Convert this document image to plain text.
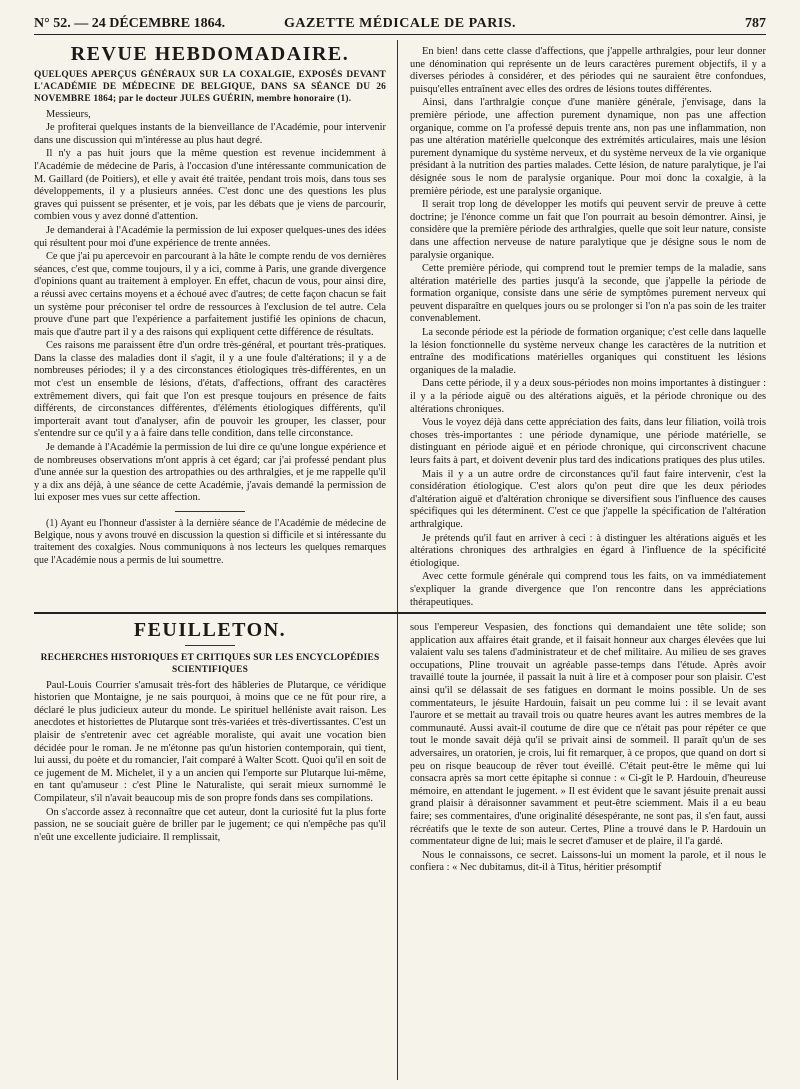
N° 52. — 24 DÉCEMBRE 1864.	GAZETTE MÉDICALE DE PARIS.	787
REVUE HEBDOMADAIRE.
QUELQUES APERÇUS GÉNÉRAUX SUR LA COXALGIE, EXPOSÉS DEVANT L'ACADÉMIE DE MÉDECINE DE BELGIQUE, DANS SA SÉANCE DU 26 NOVEMBRE 1864; par le docteur JULES GUÉRIN, membre honoraire (1).

Messieurs,

Je profiterai quelques instants de la bienveillance de l'Académie, pour intervenir dans une discussion qui m'intéresse au plus haut degré.

Il n'y a pas huit jours que la même question est revenue incidemment à l'Académie de médecine de Paris, à l'occasion d'une intéressante communication de M. Gaillard (de Poitiers), et elle y avait été traitée, pendant trois mois, dans tous ses développements, il y a plusieurs années. C'est donc une des questions les plus graves qui puissent se présenter, et je vois, par les débats que je viens de parcourir, combien vous y avez donné d'attention.

Je demanderai à l'Académie la permission de lui exposer quelques-unes des idées qui résultent pour moi d'une expérience de trente années.

Ce que j'ai pu apercevoir en parcourant à la hâte le compte rendu de vos dernières séances, c'est que, comme toujours, il y a ici, comme à Paris, une grande divergence d'opinions quant au traitement à employer. En effet, chacun de vous, pour ainsi dire, a réussi avec certains moyens et a échoué avec d'autres; de cette façon chacun se fait un système pour préconiser tel ordre de ressources à l'exclusion de tel autre. Cela prouve d'une part que l'expérience a parfaitement justifié les opinions de chacun, mais que d'autre part il y a des raisons qui expliquent cette différence de résultats.

Ces raisons me paraissent être d'un ordre très-général, et pourtant très-pratiques. Dans la classe des maladies dont il s'agit, il y a une foule d'altérations; il y a de nombreuses périodes; il y a des circonstances étiologiques très-différentes, en un mot c'est un ensemble de lésions, d'états, d'affections, offrant des caractères extrêmement divers, qui fait que l'on est presque toujours en présence de faits différents, de circonstances différentes, d'éléments étiologiques différents, qu'il importerait avant tout d'analyser, afin de pouvoir les grouper, les classer, pour s'entendre sur ce qu'il y a à faire dans telle condition, dans telle circonstance.

Je demande à l'Académie la permission de lui dire ce qu'une longue expérience et de nombreuses observations m'ont appris à cet égard; car j'ai professé pendant plus d'une année sur la question des artropathies ou des arthralgies, et je me rappelle qu'il y a dix ans déjà, à une séance de cette Académie, j'avais demandé la permission de lui exposer mes vues sur cette affection.

(1) Ayant eu l'honneur d'assister à la dernière séance de l'Académie de médecine de Belgique, nous y avons trouvé en discussion la question si difficile et si intéressante du traitement des coxalgies. Nous communiquons à nos lecteurs les quelques remarques que l'Académie nous a permis de lui soumettre.

En bien! dans cette classe d'affections, que j'appelle arthralgies, pour leur donner une dénomination qui représente un de leurs caractères purement objectifs, il y a diverses périodes à considérer, et des périodes qui ne sauraient être confondues, puisqu'elles entraînent avec elles des ordres de lésions toutes différentes.

Ainsi, dans l'arthralgie conçue d'une manière générale, j'envisage, dans la première période, une affection purement dynamique, non pas une affection organique, comme on l'a professé depuis trente ans, non pas une inflammation, non pas une altération matérielle quelconque des extrémités articulaires, mais une lésion purement dynamique du système nerveux, et du système nerveux de la vie organique présidant à la nutrition des parties malades. Cette lésion, de nature paralytique, je l'ai désignée sous le nom de paralysie organique. Pour moi donc la coxalgie, à la première période, est une paralysie organique.

Il serait trop long de développer les motifs qui peuvent servir de preuve à cette doctrine; je l'énonce comme un fait que l'on pourrait au besoin démontrer. Ainsi, je considère que la première période des arthralgies, quelle que soit leur nature, consiste dans une affection nerveuse de nature paralytique que je désigne sous le nom de paralysie organique.

Cette première période, qui comprend tout le premier temps de la maladie, sans altération matérielle des parties jusqu'à la seconde, que j'appelle la période de formation organique, consiste dans une série de symptômes purement nerveux qui peuvent disparaître en quelques jours ou se prolonger si l'on n'a pas soin de les traiter convenablement.

La seconde période est la période de formation organique; c'est celle dans laquelle la lésion fonctionnelle du système nerveux change les caractères de la nutrition et entraîne des modifications matérielles organiques qui constituent les lésions organiques de la maladie.

Dans cette période, il y a deux sous-périodes non moins importantes à distinguer : il y a la période aiguë ou des altérations aiguës, et la période chronique ou des altérations chroniques.

Vous le voyez déjà dans cette appréciation des faits, dans leur filiation, voilà trois choses très-importantes : une période dynamique, une période matérielle, se distinguant en période aiguë et en période chronique, qui circonscrivent chacune leurs faits à part, et doivent devenir plus tard des indications pratiques des plus utiles.

Mais il y a un autre ordre de circonstances qu'il faut faire intervenir, c'est la considération étiologique. C'est alors qu'on peut dire que les deux périodes d'altération aiguë et d'altération chronique se diversifient sous l'influence des causes spécifiques qui les déterminent. C'est ce que j'appelle la spécification de l'altération arthralgique.

Je prétends qu'il faut en arriver à ceci : à distinguer les altérations aiguës et les altérations chroniques des arthralgies en égard à l'influence de la spécificité étiologique.

Avec cette formule générale qui comprend tous les faits, on va immédiatement s'expliquer la grande divergence que l'on rencontre dans les appréciations thérapeutiques.

FEUILLETON.
RECHERCHES HISTORIQUES ET CRITIQUES SUR LES ENCYCLOPÉDIES SCIENTIFIQUES

Paul-Louis Courrier s'amusait très-fort des hâbleries de Plutarque, ce véridique historien que Montaigne, je ne sais pourquoi, à moins que ce ne fût pour rire, a déclaré le plus judicieux auteur du monde. Le spirituel helléniste avait raison. Les anecdotes et historiettes de Plutarque sont très-variées et très-divertissantes. C'est un plaisir de s'entretenir avec cet agréable moraliste, qui avait une vocation bien décidée pour le roman. Je ne m'étonne pas qu'un historien contemporain, qui tient, lui aussi, du poète et du romancier, l'ait comparé à Walter Scott. Quoi qu'il en soit de ce jugement de M. Michelet, il y a un ancien qui l'emporte sur Plutarque lui-même, en tant qu'amuseur : c'est Pline le Naturaliste, qui serait mieux surnommé le Compilateur, s'il n'avait beaucoup mis de son propre fonds dans ses compilations.

On s'accorde assez à reconnaître que cet auteur, dont la curiosité fut la plus forte passion, ne se souciait guère de briller par le jugement; ce qui n'empêche pas qu'il n'eût une excellente judiciaire. Il remplissait,

sous l'empereur Vespasien, des fonctions qui demandaient une tête solide; son application aux affaires était grande, et il faisait honneur aux charges élevées que lui valaient valu ses talens d'administrateur et de chef militaire. Au milieu de ses graves occupations, Pline trouvait un agréable passe-temps dans l'étude. Après avoir travaillé toute la journée, il passait la nuit à lire et à composer pour son plaisir. C'est ainsi qu'il se délassait de ses fatigues en dormant le moins possible. Un de ses commentateurs, le jésuite Hardouin, faisait un peu comme lui : il se levait avant l'aurore et se mettait au travail trois ou quatre heures avant les autres membres de la communauté. Aussi avait-il coutume de dire que ce n'était pas pour répéter ce que tout le monde savait déjà qu'il se privait ainsi de sommeil. Il paraît qu'un de ses adversaires, un oratorien, je crois, lui fit remarquer, à ce propos, que quand on dort si peu on risque beaucoup de rêver tout éveillé. C'était peut-être le même qui lui consacra après sa mort cette épitaphe si connue : « Ci-gît le P. Hardouin, d'heureuse mémoire, en attendant le jugement. » Il est évident que le savant jésuite prenait aussi grand plaisir à déraisonner savamment et peut-être sciemment. Mais il a eu beau faire; ses commentaires, d'une originalité désespérante, ne sont pas, il s'en faut, aussi récréatifs que le texte de son auteur. Certes, Pline a trouvé dans le P. Hardouin un commentateur digne de lui; mais le secret d'amuser et de plaire, il l'a gardé.

Nous le connaissons, ce secret. Laissons-lui un moment la parole, et il nous le confiera : « Nec dubitamus, dit-il à Titus, héritier présomptif
